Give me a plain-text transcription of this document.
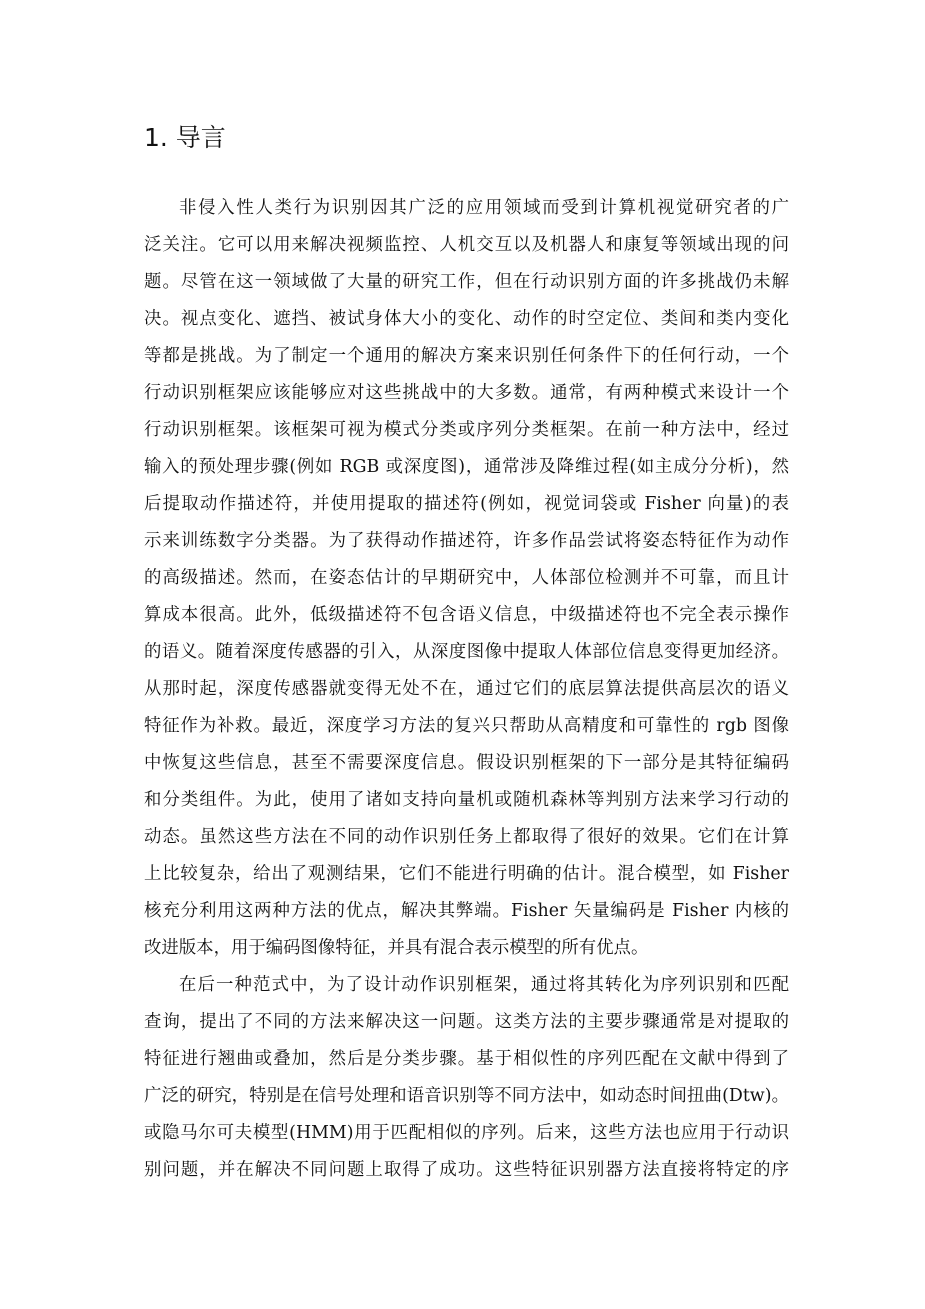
1. 导言

非侵入性人类行为识别因其广泛的应用领域而受到计算机视觉研究者的广

泛关注。它可以用来解决视频监控、人机交互以及机器人和康复等领域出现的问

题。尽管在这一领域做了大量的研究工作，但在行动识别方面的许多挑战仍未解

决。视点变化、遮挡、被试身体大小的变化、动作的时空定位、类间和类内变化

等都是挑战。为了制定一个通用的解决方案来识别任何条件下的任何行动，一个

行动识别框架应该能够应对这些挑战中的大多数。通常，有两种模式来设计一个

行动识别框架。该框架可视为模式分类或序列分类框架。在前一种方法中，经过

输入的预处理步骤(例如 RGB 或深度图)，通常涉及降维过程(如主成分分析)，然

后提取动作描述符，并使用提取的描述符(例如，视觉词袋或 Fisher 向量)的表

示来训练数字分类器。为了获得动作描述符，许多作品尝试将姿态特征作为动作

的高级描述。然而，在姿态估计的早期研究中，人体部位检测并不可靠，而且计

算成本很高。此外，低级描述符不包含语义信息，中级描述符也不完全表示操作

的语义。随着深度传感器的引入，从深度图像中提取人体部位信息变得更加经济。

从那时起，深度传感器就变得无处不在，通过它们的底层算法提供高层次的语义

特征作为补救。最近，深度学习方法的复兴只帮助从高精度和可靠性的 rgb 图像

中恢复这些信息，甚至不需要深度信息。假设识别框架的下一部分是其特征编码

和分类组件。为此，使用了诸如支持向量机或随机森林等判别方法来学习行动的

动态。虽然这些方法在不同的动作识别任务上都取得了很好的效果。它们在计算

上比较复杂，给出了观测结果，它们不能进行明确的估计。混合模型，如 Fisher

核充分利用这两种方法的优点，解决其弊端。Fisher 矢量编码是 Fisher 内核的

改进版本，用于编码图像特征，并具有混合表示模型的所有优点。

在后一种范式中，为了设计动作识别框架，通过将其转化为序列识别和匹配

查询，提出了不同的方法来解决这一问题。这类方法的主要步骤通常是对提取的

特征进行翘曲或叠加，然后是分类步骤。基于相似性的序列匹配在文献中得到了

广泛的研究，特别是在信号处理和语音识别等不同方法中，如动态时间扭曲(Dtw)。

或隐马尔可夫模型(HMM)用于匹配相似的序列。后来，这些方法也应用于行动识

别问题，并在解决不同问题上取得了成功。这些特征识别器方法直接将特定的序
